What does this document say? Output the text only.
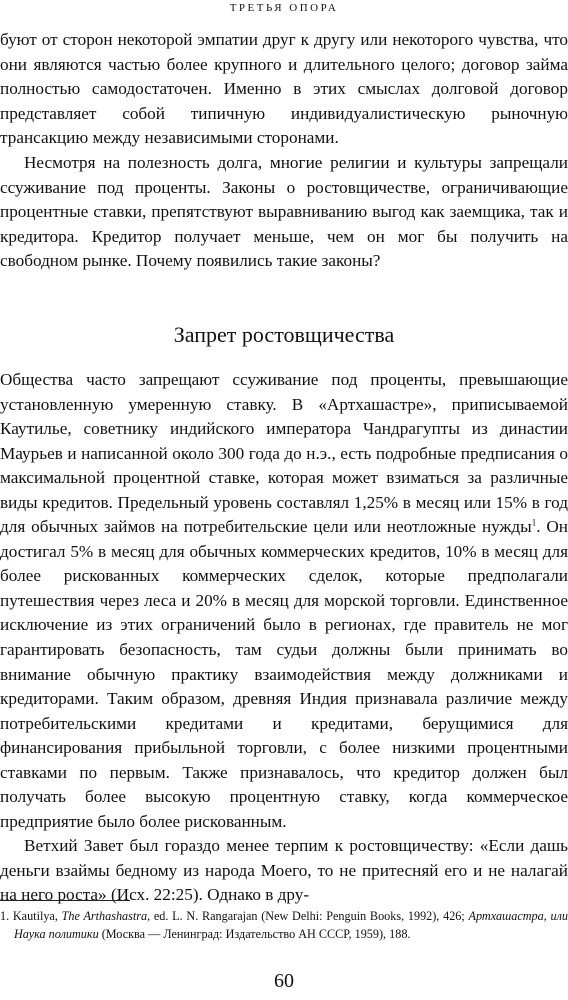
ТРЕТЬЯ ОПОРА

буют от сторон некоторой эмпатии друг к другу или некоторого чувства, что они являются частью более крупного и длительного целого; договор займа полностью самодостаточен. Именно в этих смыслах долговой договор представляет собой типичную индивидуалистическую рыночную трансакцию между независимыми сторонами.

Несмотря на полезность долга, многие религии и культуры запрещали ссуживание под проценты. Законы о ростовщичестве, ограничивающие процентные ставки, препятствуют выравниванию выгод как заемщика, так и кредитора. Кредитор получает меньше, чем он мог бы получить на свободном рынке. Почему появились такие законы?

Запрет ростовщичества

Общества часто запрещают ссуживание под проценты, превышающие установленную умеренную ставку. В «Артхашастре», приписываемой Каутилье, советнику индийского императора Чандрагупты из династии Маурьев и написанной около 300 года до н.э., есть подробные предписания о максимальной процентной ставке, которая может взиматься за различные виды кредитов. Предельный уровень составлял 1,25% в месяц или 15% в год для обычных займов на потребительские цели или неотложные нужды$^1$. Он достигал 5% в месяц для обычных коммерческих кредитов, 10% в месяц для более рискованных коммерческих сделок, которые предполагали путешествия через леса и 20% в месяц для морской торговли. Единственное исключение из этих ограничений было в регионах, где правитель не мог гарантировать безопасность, там судьи должны были принимать во внимание обычную практику взаимодействия между должниками и кредиторами. Таким образом, древняя Индия признавала различие между потребительскими кредитами и кредитами, берущимися для финансирования прибыльной торговли, с более низкими процентными ставками по первым. Также признавалось, что кредитор должен был получать более высокую процентную ставку, когда коммерческое предприятие было более рискованным.

Ветхий Завет был гораздо менее терпим к ростовщичеству: «Если дашь деньги взаймы бедному из народа Моего, то не притесняй его и не налагай на него роста» (Исх. 22:25). Однако в дру-

1. Kautilya, The Arthashastra, ed. L. N. Rangarajan (New Delhi: Penguin Books, 1992), 426; Артхашастра, или Наука политики (Москва — Ленинград: Издательство АН СССР, 1959), 188.

60
